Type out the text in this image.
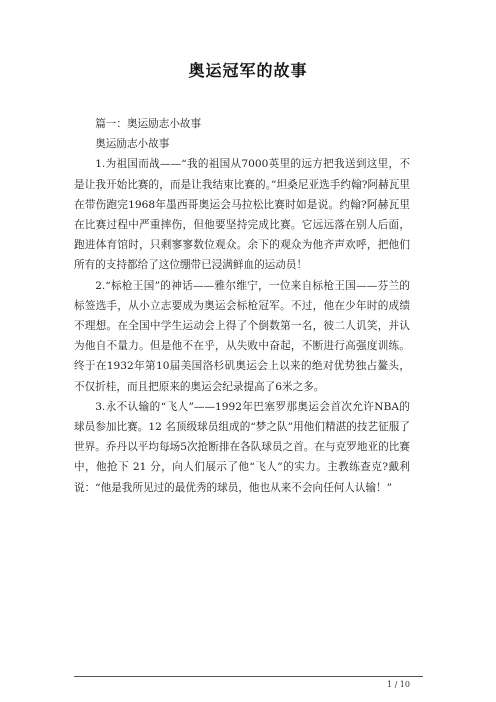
奥运冠军的故事

篇一：奥运励志小故事

奥运励志小故事

1.为祖国而战——“我的祖国从7000英里的远方把我送到这里，不是让我开始比赛的，而是让我结束比赛的。”坦桑尼亚选手约翰?阿赫瓦里在带伤跑完1968年墨西哥奥运会马拉松比赛时如是说。约翰?阿赫瓦里在比赛过程中严重摔伤，但他要坚持完成比赛。它远远落在别人后面，跑进体育馆时，只剩寥寥数位观众。余下的观众为他齐声欢呼，把他们所有的支持都给了这位绷带已浸满鲜血的运动员！

2.“标枪王国”的神话——雅尔维宁，一位来自标枪王国——芬兰的标签选手，从小立志要成为奥运会标枪冠军。不过，他在少年时的成绩不理想。在全国中学生运动会上得了个倒数第一名，彼二人讥笑，并认为他自不量力。但是他不在乎，从失败中奋起，不断进行高强度训练。终于在1932年第10届美国洛杉矶奥运会上以来的绝对优势独占鳌头，不仅折桂，而且把原来的奥运会纪录提高了6米之多。

3.永不认输的“飞人”——1992年巴塞罗那奥运会首次允许NBA的球员参加比赛。12 名顶级球员组成的“梦之队”用他们精湛的技艺征服了世界。乔丹以平均每场5次抢断排在各队球员之首。在与克罗地亚的比赛中，他抢下 21 分，向人们展示了他“飞人”的实力。主教练查克?戴利说：“他是我所见过的最优秀的球员，他也从来不会向任何人认输！”

1 / 10
